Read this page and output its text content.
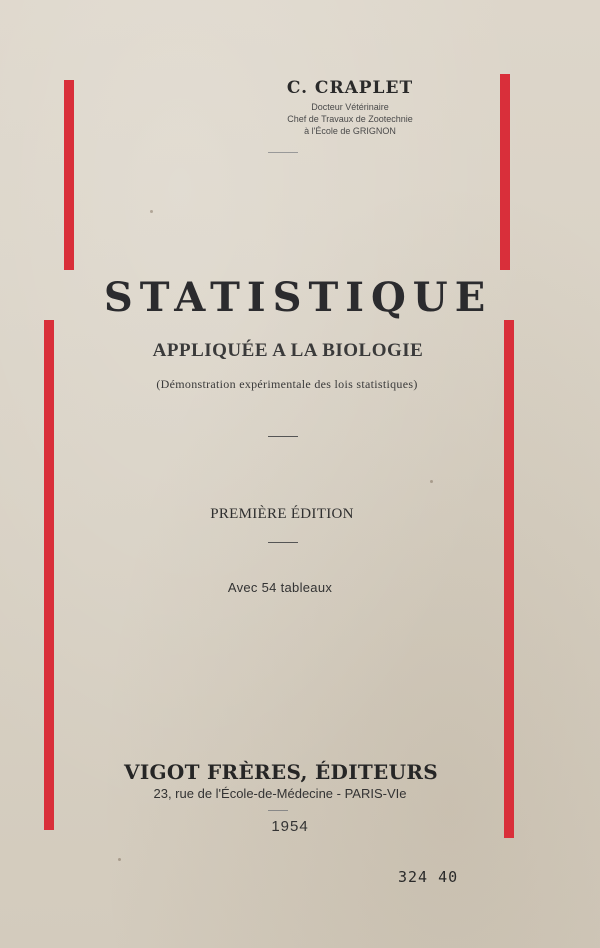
C. CRAPLET
Docteur Vétérinaire
Chef de Travaux de Zootechnie
à l'École de GRIGNON
STATISTIQUE
APPLIQUÉE A LA BIOLOGIE
(Démonstration expérimentale des lois statistiques)
PREMIÈRE ÉDITION
Avec 54 tableaux
VIGOT FRÈRES, ÉDITEURS
23, rue de l'École-de-Médecine - PARIS-VIe
1954
324 40
